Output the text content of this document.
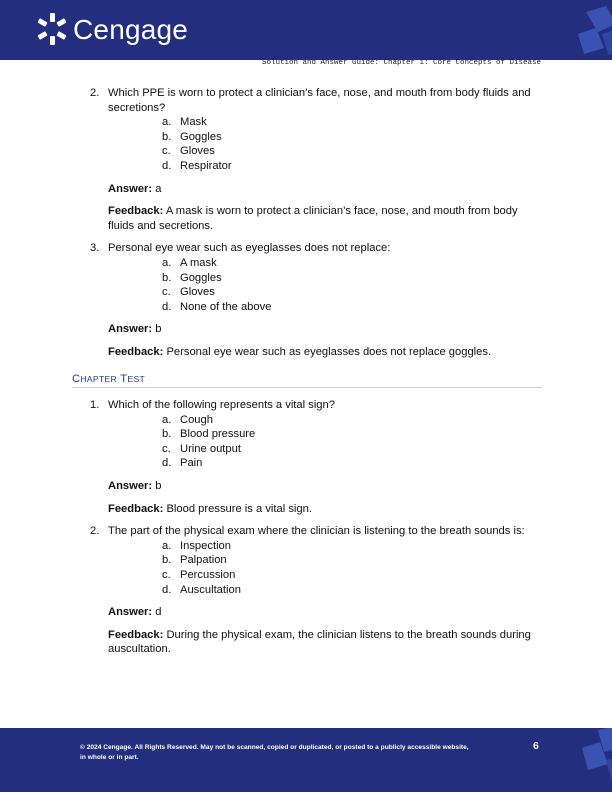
Cengage
Solution and Answer Guide: Chapter 1: Core Concepts of Disease
2. Which PPE is worn to protect a clinician’s face, nose, and mouth from body fluids and secretions?
a. Mask
b. Goggles
c. Gloves
d. Respirator
Answer: a
Feedback: A mask is worn to protect a clinician’s face, nose, and mouth from body fluids and secretions.
3. Personal eye wear such as eyeglasses does not replace:
a. A mask
b. Goggles
c. Gloves
d. None of the above
Answer: b
Feedback: Personal eye wear such as eyeglasses does not replace goggles.
CHAPTER TEST
1. Which of the following represents a vital sign?
a. Cough
b. Blood pressure
c. Urine output
d. Pain
Answer: b
Feedback: Blood pressure is a vital sign.
2. The part of the physical exam where the clinician is listening to the breath sounds is:
a. Inspection
b. Palpation
c. Percussion
d. Auscultation
Answer: d
Feedback: During the physical exam, the clinician listens to the breath sounds during auscultation.
© 2024 Cengage. All Rights Reserved. May not be scanned, copied or duplicated, or posted to a publicly accessible website, in whole or in part.
6
